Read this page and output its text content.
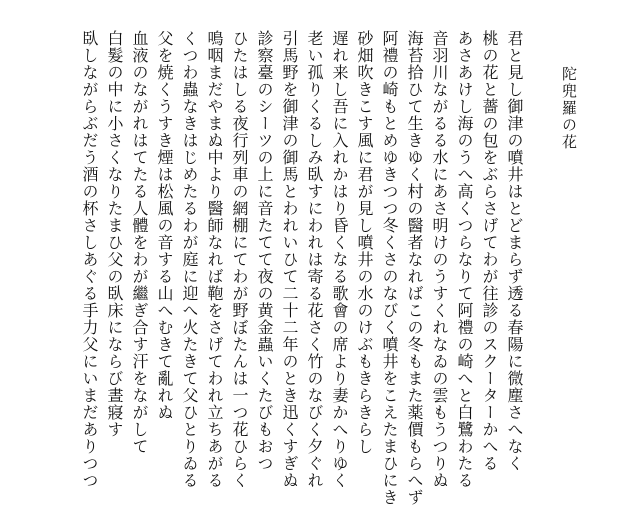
陀兜羅の花
君と見し御津の噴井はとどまらず透る春陽に微塵さへなく
桃の花と薔の包をぶらさげてわが往診のスクーターかへる
あさあけし海のうへ高くつらなりて阿禮の崎へと白鷺わたる
音羽川ながるる水にあさ明けのうすくれなゐの雲もうつりぬ
海苔拾ひて生きゆく村の醫者なればこの冬もまた薬價もらへず
阿禮の崎もとめゆきつつ冬くさのなびく噴井をこえたまひにき
砂畑吹きこす風に君が見し噴井の水のけぶもきらきらし
遅れ来し吾に入れかはり昏くなる歌會の席より妻かへりゆく
老い孤りくるしみ臥すにわれは寄る花さく竹のなびく夕ぐれ
引馬野を御津の御馬とわれいひて二十二年のとき迅くすぎぬ
診察臺のシーツの上に音たてて夜の黄金蟲いくたびもおつ
ひたはしる夜行列車の網棚にてわが野ぼたんは一つ花ひらく
鳴咽まだやまぬ中より醫師なれば鞄をさげてわれ立ちあがる
くつわ蟲なきはじめたるわが庭に迎へ火たきて父ひとりゐる
父を焼くうすき煙は松風の音する山へむきて亂れぬ
血液のながれはてたる人體をわが繼ぎ合す汗をながして
白髮の中に小さくなりたまひ父の臥床にならび晝寢す
臥しながらぶだう酒の杯さしあぐる手力父にいまだありつつ
